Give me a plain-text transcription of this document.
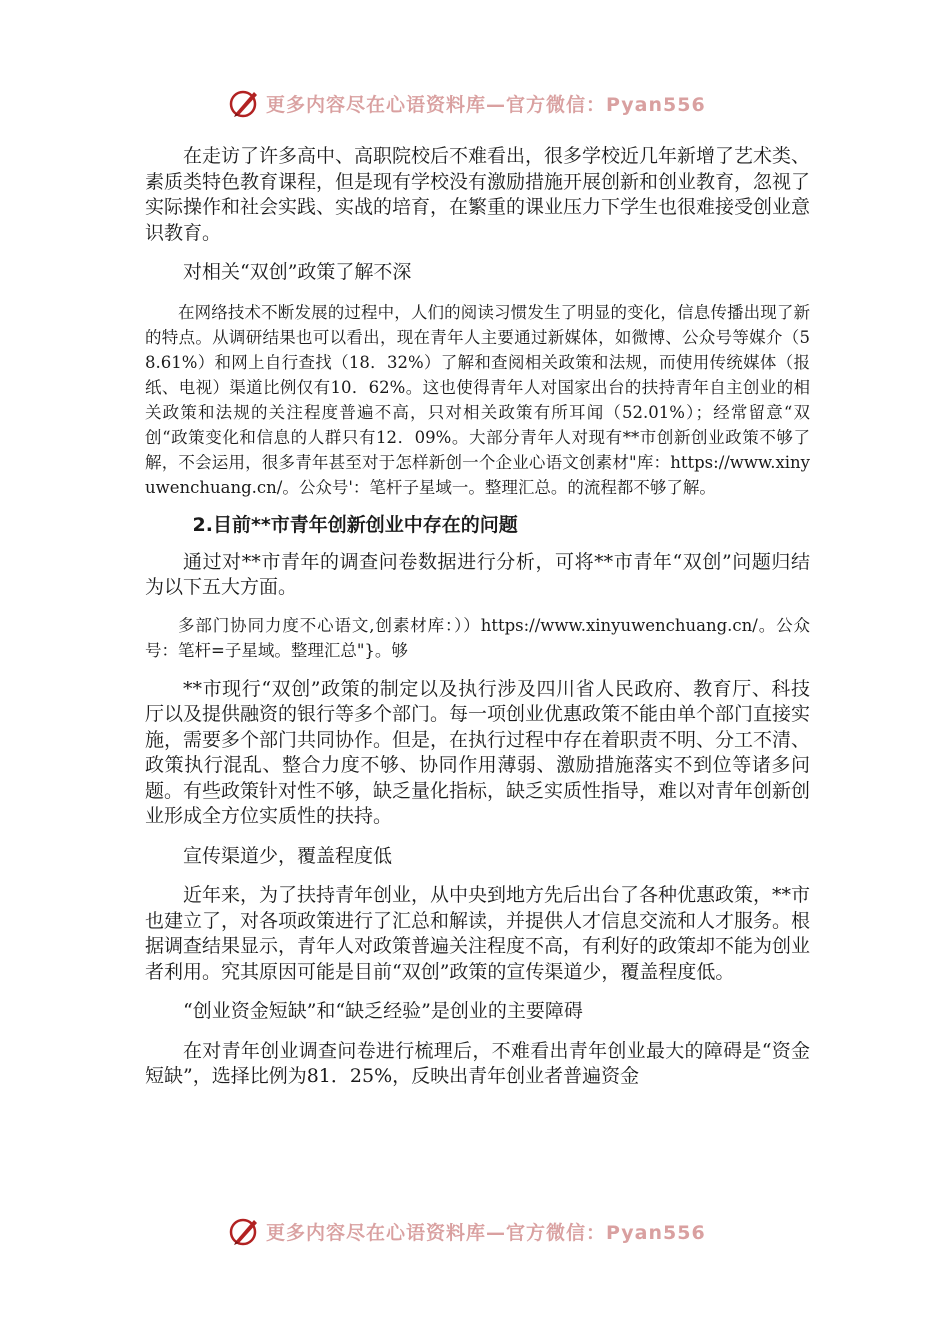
更多内容尽在心语资料库—官方微信：Pyan556

在走访了许多高中、高职院校后不难看出，很多学校近几年新增了艺术类、素质类特色教育课程，但是现有学校没有激励措施开展创新和创业教育，忽视了实际操作和社会实践、实战的培育，在繁重的课业压力下学生也很难接受创业意识教育。

对相关“双创”政策了解不深

在网络技术不断发展的过程中，人们的阅读习惯发生了明显的变化，信息传播出现了新的特点。从调研结果也可以看出，现在青年人主要通过新媒体，如微博、公众号等媒介（58.61%）和网上自行查找（18．32%）了解和查阅相关政策和法规，而使用传统媒体（报纸、电视）渠道比例仅有10．62%。这也使得青年人对国家出台的扶持青年自主创业的相关政策和法规的关注程度普遍不高，只对相关政策有所耳闻（52.01%）；经常留意“双创“政策变化和信息的人群只有12．09%。大部分青年人对现有**市创新创业政策不够了解，不会运用，很多青年甚至对于怎样新创一个企业心语文创素材"库：https://www.xinyuwenchuang.cn/。公众号'：笔杆子星域一。整理汇总。的流程都不够了解。

2.目前**市青年创新创业中存在的问题

通过对**市青年的调查问卷数据进行分析，可将**市青年“双创”问题归结为以下五大方面。

多部门协同力度不心语文,创素材库：））https://www.xinyuwenchuang.cn/。公众号：笔杆=子星域。整理汇总"}。够

**市现行“双创”政策的制定以及执行涉及四川省人民政府、教育厅、科技厅以及提供融资的银行等多个部门。每一项创业优惠政策不能由单个部门直接实施，需要多个部门共同协作。但是，在执行过程中存在着职责不明、分工不清、政策执行混乱、整合力度不够、协同作用薄弱、激励措施落实不到位等诸多问题。有些政策针对性不够，缺乏量化指标，缺乏实质性指导，难以对青年创新创业形成全方位实质性的扶持。

宣传渠道少，覆盖程度低

近年来，为了扶持青年创业，从中央到地方先后出台了各种优惠政策，**市也建立了，对各项政策进行了汇总和解读，并提供人才信息交流和人才服务。根据调查结果显示，青年人对政策普遍关注程度不高，有利好的政策却不能为创业者利用。究其原因可能是目前“双创”政策的宣传渠道少，覆盖程度低。

“创业资金短缺”和“缺乏经验”是创业的主要障碍

在对青年创业调查问卷进行梳理后，不难看出青年创业最大的障碍是“资金短缺”，选择比例为81．25%，反映出青年创业者普遍资金

更多内容尽在心语资料库—官方微信：Pyan556
